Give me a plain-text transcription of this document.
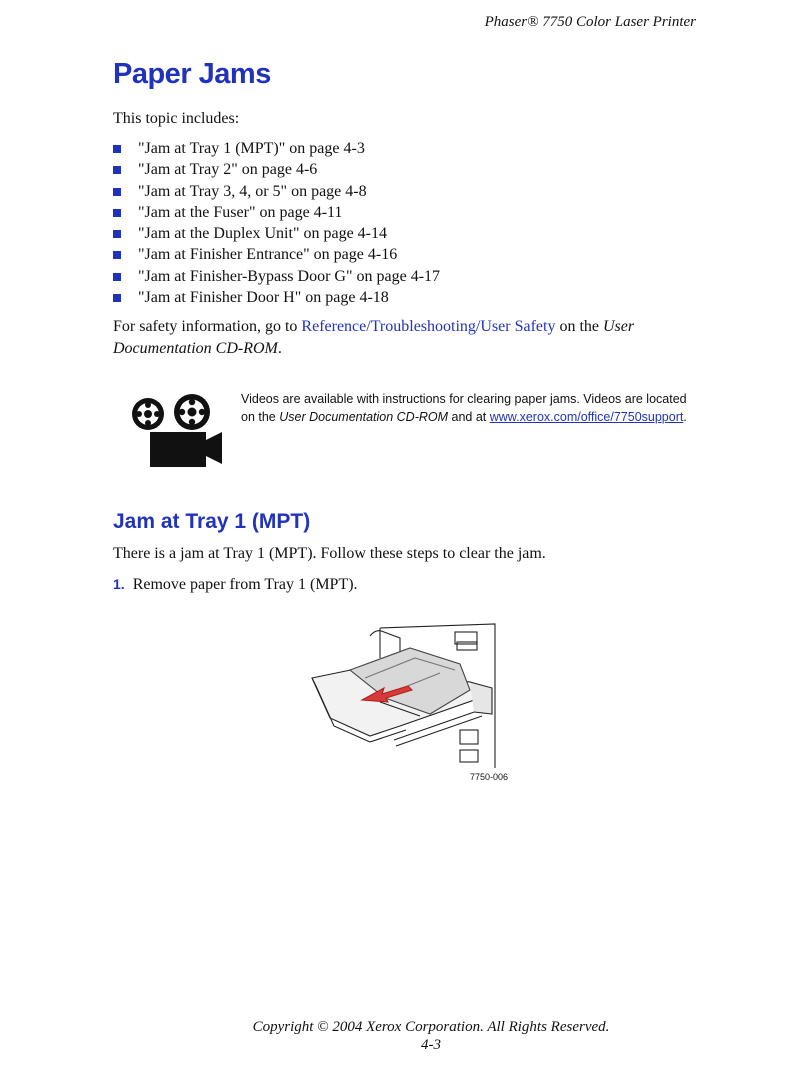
Phaser® 7750 Color Laser Printer
Paper Jams
This topic includes:
"Jam at Tray 1 (MPT)" on page 4-3
"Jam at Tray 2" on page 4-6
"Jam at Tray 3, 4, or 5" on page 4-8
"Jam at the Fuser" on page 4-11
"Jam at the Duplex Unit" on page 4-14
"Jam at Finisher Entrance" on page 4-16
"Jam at Finisher-Bypass Door G" on page 4-17
"Jam at Finisher Door H" on page 4-18
For safety information, go to Reference/Troubleshooting/User Safety on the User Documentation CD-ROM.
Videos are available with instructions for clearing paper jams. Videos are located
on the User Documentation CD-ROM and at www.xerox.com/office/7750support.
Jam at Tray 1 (MPT)
There is a jam at Tray 1 (MPT). Follow these steps to clear the jam.
1. Remove paper from Tray 1 (MPT).
7750-006
Copyright © 2004 Xerox Corporation. All Rights Reserved.
4-3
